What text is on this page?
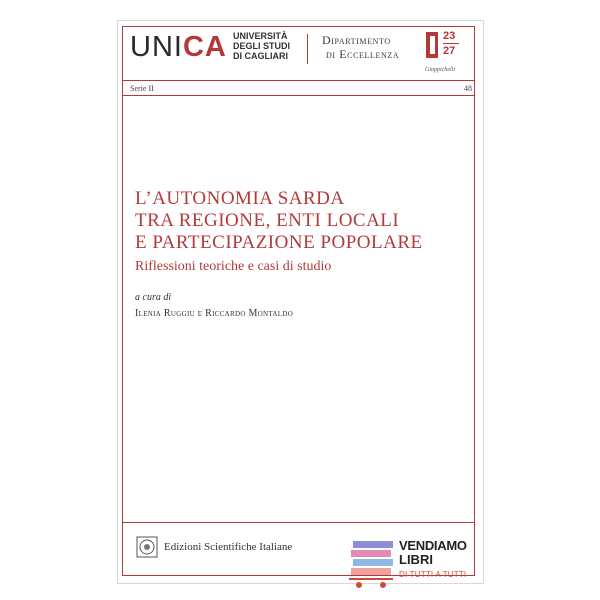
UNICA UNIVERSITÀ
DEGLI STUDI
DI CAGLIARI
Dipartimento
di Eccellenza
23
27
Giappichelli
Serie II	48
L’AUTONOMIA SARDA
TRA REGIONE, ENTI LOCALI
E PARTECIPAZIONE POPOLARE
Riflessioni teoriche e casi di studio
a cura di
Ilenia Ruggiu e Riccardo Montaldo
Edizioni Scientifiche Italiane	VENDIAMO
LIBRI
DI TUTTI A TUTTI
